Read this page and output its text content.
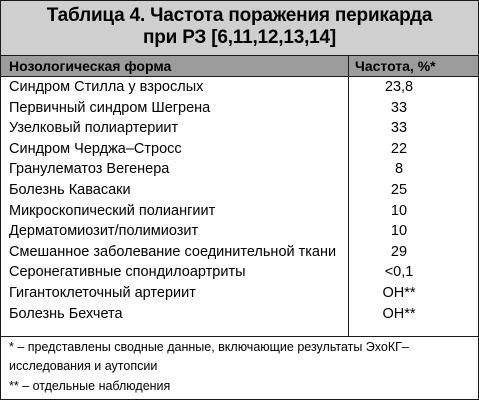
Таблица 4. Частота поражения перикарда
при РЗ [6,11,12,13,14]
Нозологическая форма	Частота, %*
Синдром Стилла у взрослых	23,8
Первичный синдром Шегрена	33
Узелковый полиартериит	33
Синдром Черджа–Стросс	22
Гранулематоз Вегенера	8
Болезнь Кавасаки	25
Микроскопический полиангиит	10
Дерматомиозит/полимиозит	10
Смешанное заболевание соединительной ткани	29
Серонегативные спондилоартриты	<0,1
Гигантоклеточный артериит	ОН**
Болезнь Бехчета	ОН**
* – представлены сводные данные, включающие результаты ЭхоКГ–
исследования и аутопсии
** – отдельные наблюдения
